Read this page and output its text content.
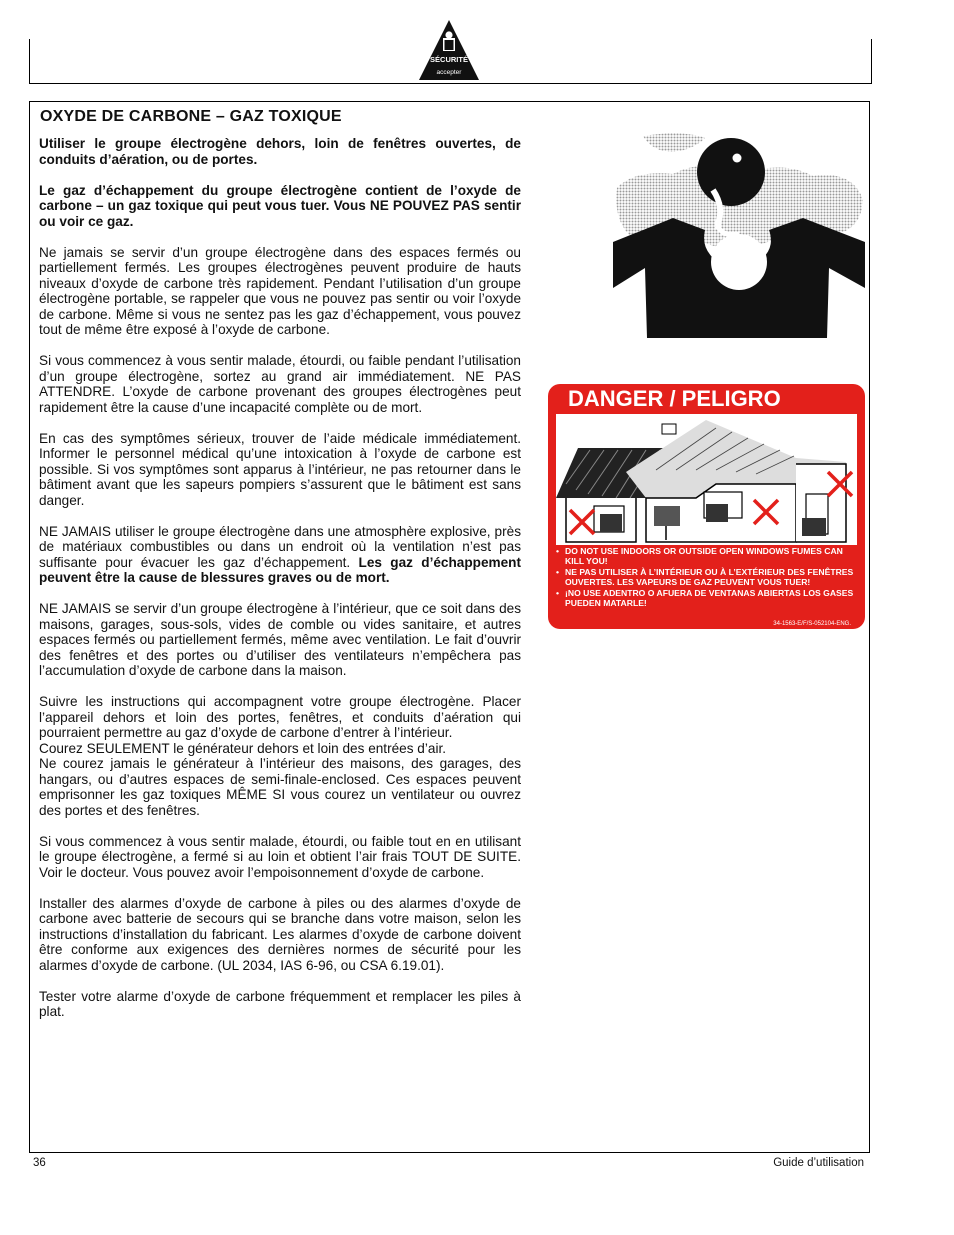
SÉCURITÉ
accepter
OXYDE DE CARBONE – GAZ TOXIQUE

Utiliser le groupe électrogène dehors, loin de fenêtres ouvertes, de conduits d’aération, ou de portes.

Le gaz d’échappement du groupe électrogène contient de l’oxyde de carbone – un gaz toxique qui peut vous tuer. Vous NE POUVEZ PAS sentir ou voir ce gaz.

Ne jamais se servir d’un groupe électrogène dans des espaces fermés ou partiellement fermés. Les groupes électrogènes peuvent produire de hauts niveaux d’oxyde de carbone très rapidement. Pendant l’utilisation d’un groupe électrogène portable, se rappeler que vous ne pouvez pas sentir ou voir l’oxyde de carbone. Même si vous ne sentez pas les gaz d’échappement, vous pouvez tout de même être exposé à l’oxyde de carbone.

Si vous commencez à vous sentir malade, étourdi, ou faible pendant l’utilisation d’un groupe électrogène, sortez au grand air immédiatement. NE PAS ATTENDRE. L’oxyde de carbone provenant des groupes électrogènes peut rapidement être la cause d’une incapacité complète ou de mort.

En cas des symptômes sérieux, trouver de l’aide médicale immédiatement. Informer le personnel médical qu’une intoxication à l’oxyde de carbone est possible. Si vos symptômes sont apparus à l’intérieur, ne pas retourner dans le bâtiment avant que les sapeurs pompiers s’assurent que le bâtiment est sans danger.

NE JAMAIS utiliser le groupe électrogène dans une atmosphère explosive, près de matériaux combustibles ou dans un endroit où la ventilation n’est pas suffisante pour évacuer les gaz d’échappement. Les gaz d’échappement peuvent être la cause de blessures graves ou de mort.

NE JAMAIS se servir d’un groupe électrogène à l’intérieur, que ce soit dans des maisons, garages, sous-sols, vides de comble ou vides sanitaire, et autres espaces fermés ou partiellement fermés, même avec ventilation. Le fait d’ouvrir des fenêtres et des portes ou d’utiliser des ventilateurs n’empêchera pas l’accumulation d’oxyde de carbone dans la maison.

Suivre les instructions qui accompagnent votre groupe électrogène. Placer l’appareil dehors et loin des portes, fenêtres, et conduits d’aération qui pourraient permettre au gaz d’oxyde de carbone d’entrer à l’intérieur.

Courez SEULEMENT le générateur dehors et loin des entrées d’air.

Ne courez jamais le générateur à l’intérieur des maisons, des garages, des hangars, ou d’autres espaces de semi-finale-enclosed. Ces espaces peuvent emprisonner les gaz toxiques MÊME SI vous courez un ventilateur ou ouvrez des portes et des fenêtres.

Si vous commencez à vous sentir malade, étourdi, ou faible tout en en utilisant le groupe électrogène, a fermé si au loin et obtient l’air frais TOUT DE SUITE. Voir le docteur. Vous pouvez avoir l’empoisonnement d’oxyde de carbone.

Installer des alarmes d’oxyde de carbone à piles ou des alarmes d’oxyde de carbone avec batterie de secours qui se branche dans votre maison, selon les instructions d’installation du fabricant. Les alarmes d’oxyde de carbone doivent être conforme aux exigences des dernières normes de sécurité pour les alarmes d’oxyde de carbone. (UL 2034, IAS 6-96, ou CSA 6.19.01).

Tester votre alarme d’oxyde de carbone fréquemment et remplacer les piles à plat.

DANGER / PELIGRO
• DO NOT USE INDOORS OR OUTSIDE OPEN WINDOWS FUMES CAN KILL YOU!
• NE PAS UTILISER À L’INTÉRIEUR OU À L’EXTÉRIEUR DES FENÊTRES OUVERTES. LES VAPEURS DE GAZ PEUVENT VOUS TUER!
• ¡NO USE ADENTRO O AFUERA DE VENTANAS ABIERTAS LOS GASES PUEDEN MATARLE!
34-1563-E/F/S-052104-ENG.
36	Guide d’utilisation
